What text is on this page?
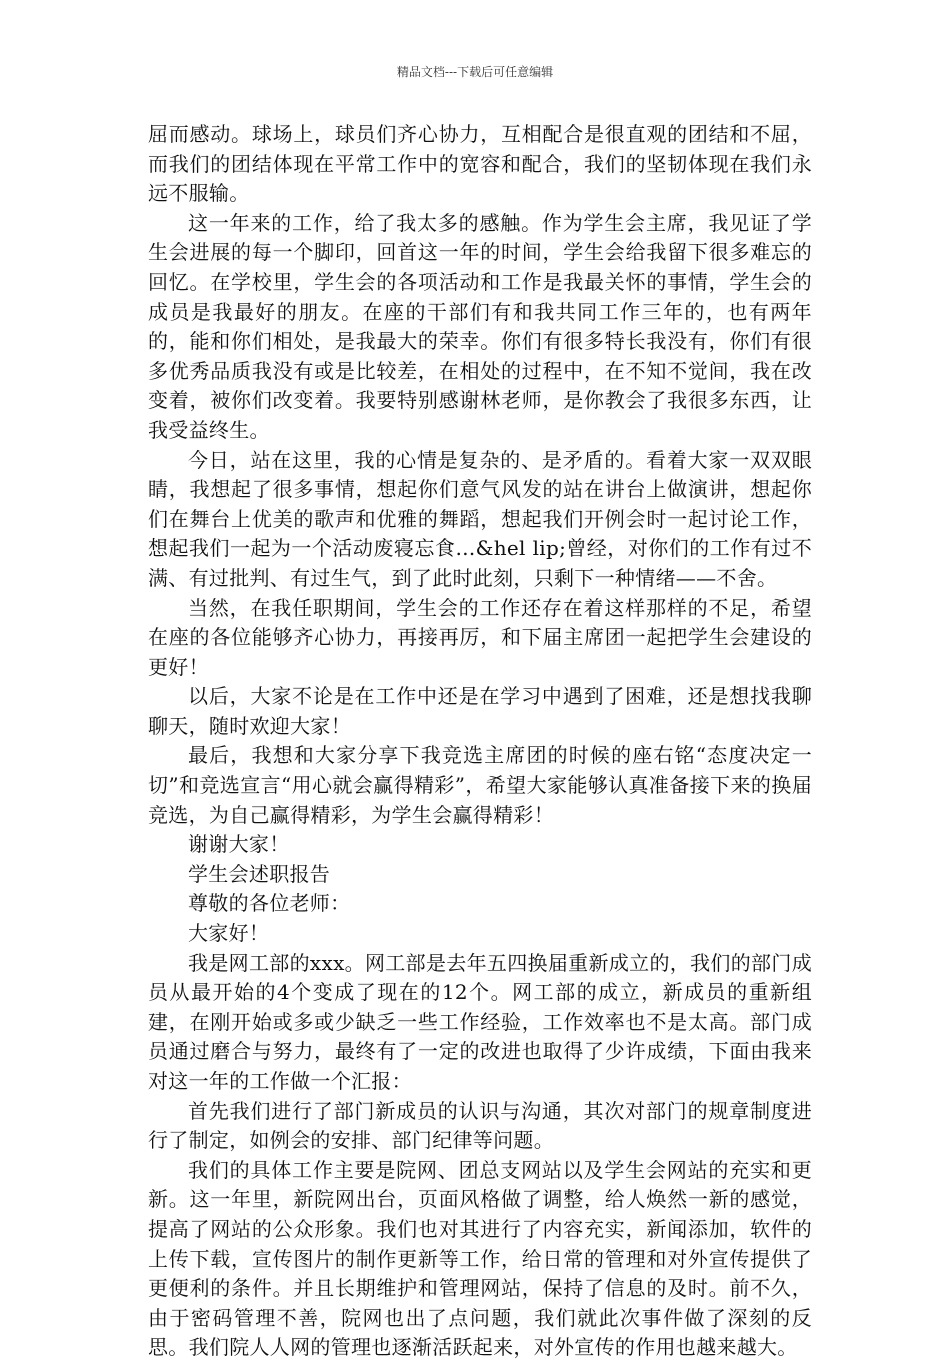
精品文档---下载后可任意编辑

屈而感动。球场上，球员们齐心协力，互相配合是很直观的团结和不屈，而我们的团结体现在平常工作中的宽容和配合，我们的坚韧体现在我们永远不服输。

这一年来的工作，给了我太多的感触。作为学生会主席，我见证了学生会进展的每一个脚印，回首这一年的时间，学生会给我留下很多难忘的回忆。在学校里，学生会的各项活动和工作是我最关怀的事情，学生会的成员是我最好的朋友。在座的干部们有和我共同工作三年的，也有两年的，能和你们相处，是我最大的荣幸。你们有很多特长我没有，你们有很多优秀品质我没有或是比较差，在相处的过程中，在不知不觉间，我在改变着，被你们改变着。我要特别感谢林老师，是你教会了我很多东西，让我受益终生。

今日，站在这里，我的心情是复杂的、是矛盾的。看着大家一双双眼睛，我想起了很多事情，想起你们意气风发的站在讲台上做演讲，想起你们在舞台上优美的歌声和优雅的舞蹈，想起我们开例会时一起讨论工作，想起我们一起为一个活动废寝忘食…&hel lip;曾经，对你们的工作有过不满、有过批判、有过生气，到了此时此刻，只剩下一种情绪——不舍。

当然，在我任职期间，学生会的工作还存在着这样那样的不足，希望在座的各位能够齐心协力，再接再厉，和下届主席团一起把学生会建设的更好！

以后，大家不论是在工作中还是在学习中遇到了困难，还是想找我聊聊天，随时欢迎大家！

最后，我想和大家分享下我竞选主席团的时候的座右铭“态度决定一切”和竞选宣言“用心就会赢得精彩”，希望大家能够认真准备接下来的换届竞选，为自己赢得精彩，为学生会赢得精彩！

谢谢大家！

学生会述职报告

尊敬的各位老师：

大家好！

我是网工部的xxx。网工部是去年五四换届重新成立的，我们的部门成员从最开始的4个变成了现在的12个。网工部的成立，新成员的重新组建，在刚开始或多或少缺乏一些工作经验，工作效率也不是太高。部门成员通过磨合与努力，最终有了一定的改进也取得了少许成绩，下面由我来对这一年的工作做一个汇报：

首先我们进行了部门新成员的认识与沟通，其次对部门的规章制度进行了制定，如例会的安排、部门纪律等问题。

我们的具体工作主要是院网、团总支网站以及学生会网站的充实和更新。这一年里，新院网出台，页面风格做了调整，给人焕然一新的感觉，提高了网站的公众形象。我们也对其进行了内容充实，新闻添加，软件的上传下载，宣传图片的制作更新等工作，给日常的管理和对外宣传提供了更便利的条件。并且长期维护和管理网站，保持了信息的及时。前不久，由于密码管理不善，院网也出了点问题，我们就此次事件做了深刻的反思。我们院人人网的管理也逐渐活跃起来，对外宣传的作用也越来越大。
